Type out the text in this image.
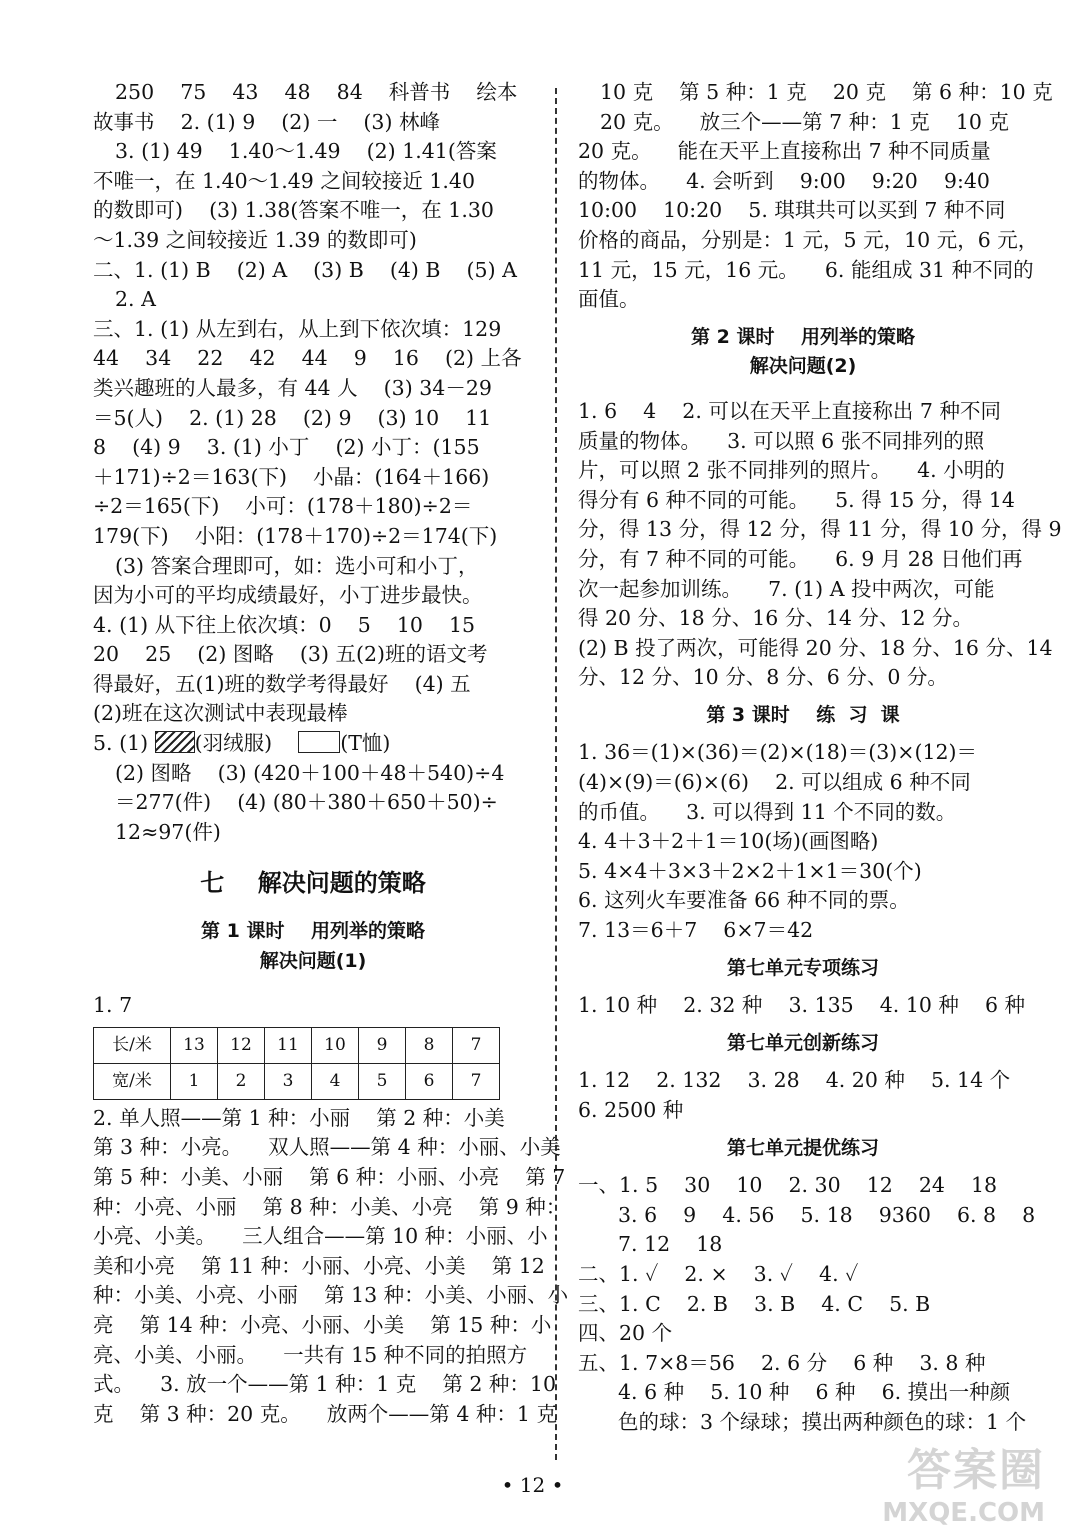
250    75    43    48    84    科普书    绘本

故事书    2. (1) 9    (2) 一    (3) 林峰

3. (1) 49    1.40～1.49    (2) 1.41(答案

不唯一，在 1.40～1.49 之间较接近 1.40

的数即可)    (3) 1.38(答案不唯一，在 1.30

～1.39 之间较接近 1.39 的数即可)

二、1. (1) B    (2) A    (3) B    (4) B    (5) A

2. A

三、1. (1) 从左到右，从上到下依次填：129

44    34    22    42    44    9    16    (2) 上各

类兴趣班的人最多，有 44 人    (3) 34－29

＝5(人)    2. (1) 28    (2) 9    (3) 10    11

8    (4) 9    3. (1) 小丁    (2) 小丁：(155

＋171)÷2＝163(下)    小晶：(164＋166)

÷2＝165(下)    小可：(178＋180)÷2＝

179(下)    小阳：(178＋170)÷2＝174(下)

(3) 答案合理即可，如：选小可和小丁，

因为小可的平均成绩最好，小丁进步最快。

4. (1) 从下往上依次填：0    5    10    15

20    25    (2) 图略    (3) 五(2)班的语文考

得最好，五(1)班的数学考得最好    (4) 五

(2)班在这次测试中表现最棒

5. (1) (羽绒服)    (T恤)

(2) 图略    (3) (420＋100＋48＋540)÷4

＝277(件)    (4) (80＋380＋650＋50)÷

12≈97(件)

七    解决问题的策略
第 1 课时    用列举的策略
解决问题(1)

1. 7

长/米	13	12	11	10	9	8	7
宽/米	1	2	3	4	5	6	7

2. 单人照——第 1 种：小丽    第 2 种：小美

第 3 种：小亮。    双人照——第 4 种：小丽、小美

第 5 种：小美、小丽    第 6 种：小丽、小亮    第 7

种：小亮、小丽    第 8 种：小美、小亮    第 9 种：

小亮、小美。    三人组合——第 10 种：小丽、小

美和小亮    第 11 种：小丽、小亮、小美    第 12

种：小美、小亮、小丽    第 13 种：小美、小丽、小

亮    第 14 种：小亮、小丽、小美    第 15 种：小

亮、小美、小丽。    一共有 15 种不同的拍照方

式。    3. 放一个——第 1 种：1 克    第 2 种：10

克    第 3 种：20 克。    放两个——第 4 种：1 克

10 克    第 5 种：1 克    20 克    第 6 种：10 克

20 克。    放三个——第 7 种：1 克    10 克

20 克。    能在天平上直接称出 7 种不同质量

的物体。    4. 会听到    9:00    9:20    9:40

10:00    10:20    5. 琪琪共可以买到 7 种不同

价格的商品，分别是：1 元，5 元，10 元，6 元，

11 元，15 元，16 元。    6. 能组成 31 种不同的

面值。

第 2 课时    用列举的策略
解决问题(2)

1. 6    4    2. 可以在天平上直接称出 7 种不同

质量的物体。    3. 可以照 6 张不同排列的照

片，可以照 2 张不同排列的照片。    4. 小明的

得分有 6 种不同的可能。    5. 得 15 分，得 14

分，得 13 分，得 12 分，得 11 分，得 10 分，得 9

分，有 7 种不同的可能。    6. 9 月 28 日他们再

次一起参加训练。    7. (1) A 投中两次，可能

得 20 分、18 分、16 分、14 分、12 分。

(2) B 投了两次，可能得 20 分、18 分、16 分、14

分、12 分、10 分、8 分、6 分、0 分。

第 3 课时    练  习  课

1. 36＝(1)×(36)＝(2)×(18)＝(3)×(12)＝

(4)×(9)＝(6)×(6)    2. 可以组成 6 种不同

的币值。    3. 可以得到 11 个不同的数。

4. 4＋3＋2＋1＝10(场)(画图略)

5. 4×4＋3×3＋2×2＋1×1＝30(个)

6. 这列火车要准备 66 种不同的票。

7. 13＝6＋7    6×7＝42

第七单元专项练习

1. 10 种    2. 32 种    3. 135    4. 10 种    6 种

第七单元创新练习

1. 12    2. 132    3. 28    4. 20 种    5. 14 个

6. 2500 种

第七单元提优练习

一、1. 5    30    10    2. 30    12    24    18

3. 6    9    4. 56    5. 18    9360    6. 8    8

7. 12    18

二、1. ✓    2. ×    3. ✓    4. ✓

三、1. C    2. B    3. B    4. C    5. B

四、20 个

五、1. 7×8＝56    2. 6 分    6 种    3. 8 种

4. 6 种    5. 10 种    6 种    6. 摸出一种颜

色的球：3 个绿球；摸出两种颜色的球：1 个

• 12 •	答案圈
MXQE.COM
